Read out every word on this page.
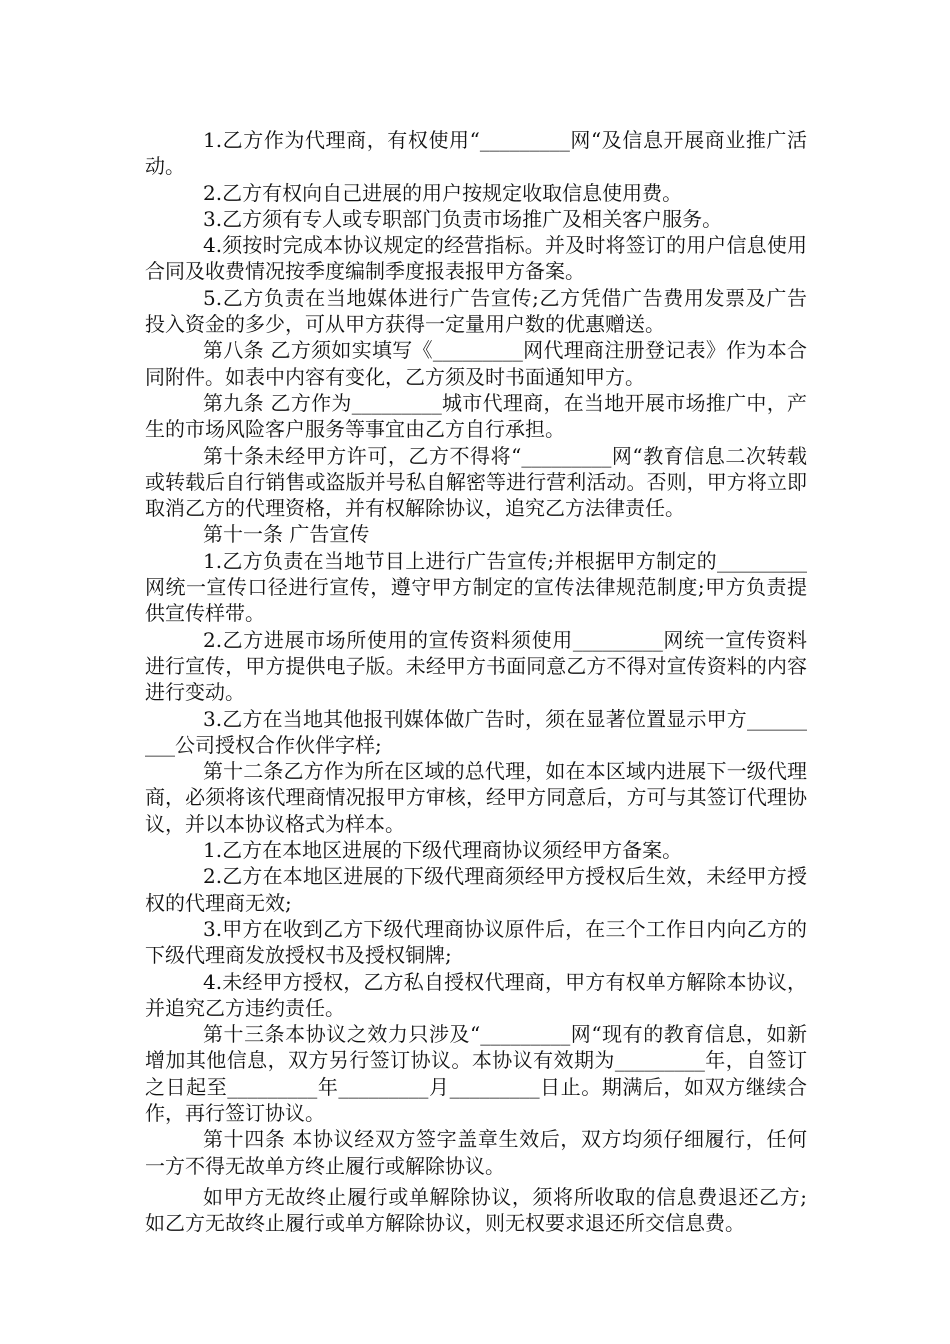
1.乙方作为代理商，有权使用“_________网“及信息开展商业推广活动。

2.乙方有权向自己进展的用户按规定收取信息使用费。

3.乙方须有专人或专职部门负责市场推广及相关客户服务。

4.须按时完成本协议规定的经营指标。并及时将签订的用户信息使用合同及收费情况按季度编制季度报表报甲方备案。

5.乙方负责在当地媒体进行广告宣传;乙方凭借广告费用发票及广告投入资金的多少，可从甲方获得一定量用户数的优惠赠送。

第八条 乙方须如实填写《_________网代理商注册登记表》作为本合同附件。如表中内容有变化，乙方须及时书面通知甲方。

第九条 乙方作为_________城市代理商，在当地开展市场推广中，产生的市场风险客户服务等事宜由乙方自行承担。

第十条未经甲方许可，乙方不得将“_________网“教育信息二次转载或转载后自行销售或盗版并号私自解密等进行营利活动。否则，甲方将立即取消乙方的代理资格，并有权解除协议，追究乙方法律责任。

第十一条 广告宣传

1.乙方负责在当地节目上进行广告宣传;并根据甲方制定的_________网统一宣传口径进行宣传，遵守甲方制定的宣传法律规范制度;甲方负责提供宣传样带。

2.乙方进展市场所使用的宣传资料须使用_________网统一宣传资料进行宣传，甲方提供电子版。未经甲方书面同意乙方不得对宣传资料的内容进行变动。

3.乙方在当地其他报刊媒体做广告时，须在显著位置显示甲方_________公司授权合作伙伴字样;

第十二条乙方作为所在区域的总代理，如在本区域内进展下一级代理商，必须将该代理商情况报甲方审核，经甲方同意后，方可与其签订代理协议，并以本协议格式为样本。

1.乙方在本地区进展的下级代理商协议须经甲方备案。

2.乙方在本地区进展的下级代理商须经甲方授权后生效，未经甲方授权的代理商无效;

3.甲方在收到乙方下级代理商协议原件后，在三个工作日内向乙方的下级代理商发放授权书及授权铜牌;

4.未经甲方授权，乙方私自授权代理商，甲方有权单方解除本协议，并追究乙方违约责任。

第十三条本协议之效力只涉及“_________网“现有的教育信息，如新增加其他信息，双方另行签订协议。本协议有效期为_________年，自签订之日起至_________年_________月_________日止。期满后，如双方继续合作，再行签订协议。

第十四条 本协议经双方签字盖章生效后，双方均须仔细履行，任何一方不得无故单方终止履行或解除协议。

如甲方无故终止履行或单解除协议，须将所收取的信息费退还乙方;如乙方无故终止履行或单方解除协议，则无权要求退还所交信息费。
